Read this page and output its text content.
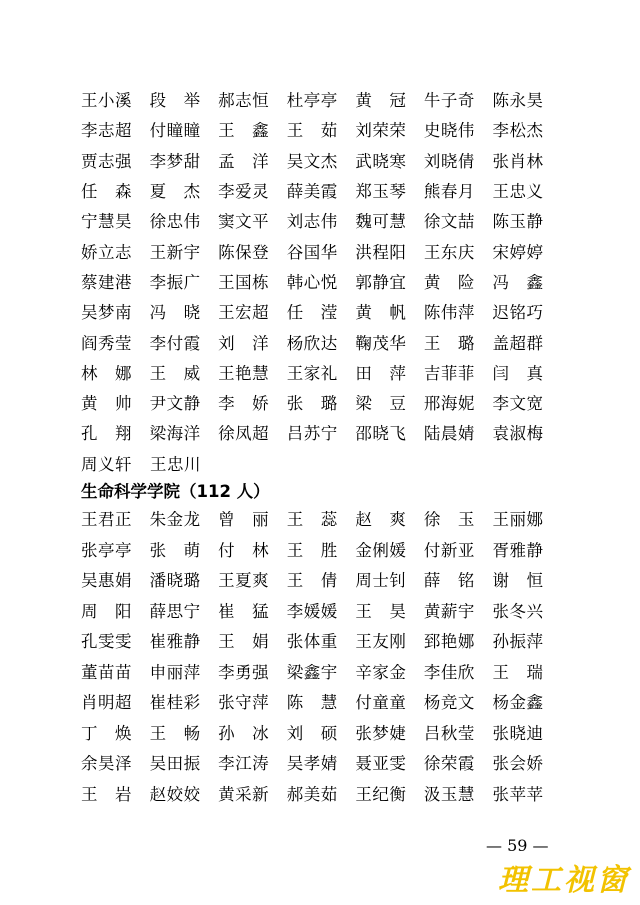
王小溪	段　举	郝志恒	杜亭亭	黄　冠	牛子奇	陈永昊
李志超	付瞳瞳	王　鑫	王　茹	刘荣荣	史晓伟	李松杰
贾志强	李梦甜	孟　洋	吴文杰	武晓寒	刘晓倩	张肖林
任　森	夏　杰	李爱灵	薛美霞	郑玉琴	熊春月	王忠义
宁慧昊	徐忠伟	窦文平	刘志伟	魏可慧	徐文喆	陈玉静
娇立志	王新宇	陈保登	谷国华	洪程阳	王东庆	宋婷婷
蔡建港	李振广	王国栋	韩心悦	郭静宜	黄　险	冯　鑫
吴梦南	冯　晓	王宏超	任　滢	黄　帆	陈伟萍	迟铭巧
阎秀莹	李付霞	刘　洋	杨欣达	鞠茂华	王　璐	盖超群
林　娜	王　威	王艳慧	王家礼	田　萍	吉菲菲	闫　真
黄　帅	尹文静	李　娇	张　璐	梁　豆	邢海妮	李文宽
孔　翔	梁海洋	徐凤超	吕苏宁	邵晓飞	陆晨婧	袁淑梅
周义轩	王忠川
生命科学学院（112 人）
王君正	朱金龙	曾　丽	王　蕊	赵　爽	徐　玉	王丽娜
张亭亭	张　萌	付　林	王　胜	金俐媛	付新亚	胥雅静
吴惠娟	潘晓璐	王夏爽	王　倩	周士钊	薛　铭	谢　恒
周　阳	薛思宁	崔　猛	李媛媛	王　昊	黄薪宇	张冬兴
孔雯雯	崔雅静	王　娟	张体重	王友刚	郅艳娜	孙振萍
董苗苗	申丽萍	李勇强	梁鑫宇	辛家金	李佳欣	王　瑞
肖明超	崔桂彩	张守萍	陈　慧	付童童	杨竞文	杨金鑫
丁　焕	王　畅	孙　冰	刘　硕	张梦婕	吕秋莹	张晓迪
余昊泽	吴田振	李江涛	吴孝婧	聂亚雯	徐荣霞	张会娇
王　岩	赵姣姣	黄采新	郝美茹	王纪衡	汲玉慧	张苹苹
— 59 —
理工视窗
